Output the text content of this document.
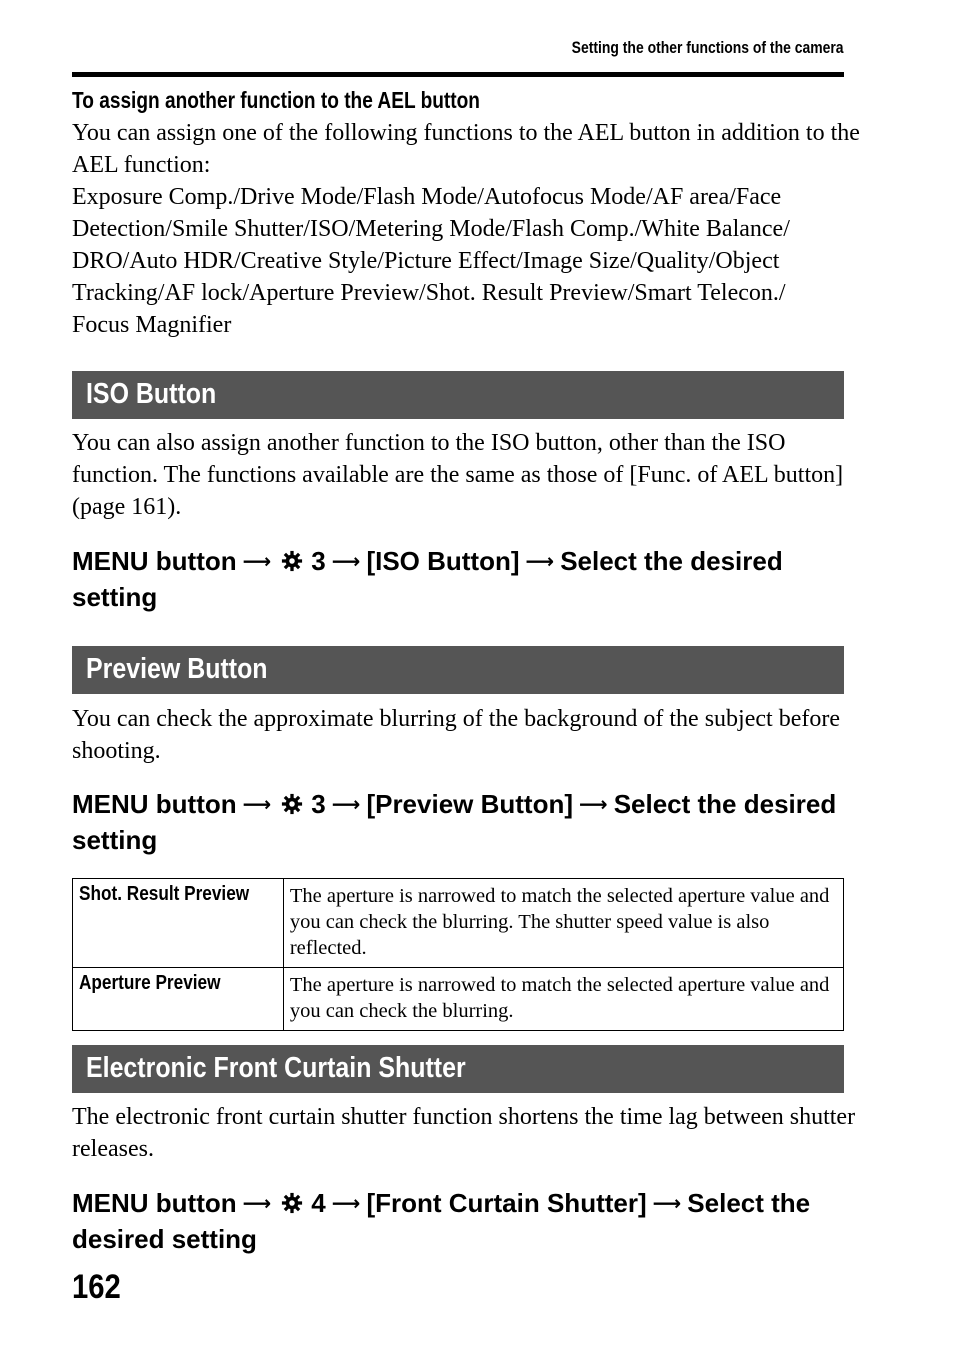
Setting the other functions of the camera
To assign another function to the AEL button
You can assign one of the following functions to the AEL button in addition to the AEL function:
Exposure Comp./Drive Mode/Flash Mode/Autofocus Mode/AF area/Face Detection/Smile Shutter/ISO/Metering Mode/Flash Comp./White Balance/ DRO/Auto HDR/Creative Style/Picture Effect/Image Size/Quality/Object Tracking/AF lock/Aperture Preview/Shot. Result Preview/Smart Telecon./ Focus Magnifier
ISO Button
You can also assign another function to the ISO button, other than the ISO function. The functions available are the same as those of [Func. of AEL button] (page 161).
MENU button ⟶ 3 ⟶ [ISO Button] ⟶ Select the desired
setting
Preview Button
You can check the approximate blurring of the background of the subject before shooting.
MENU button ⟶ 3 ⟶ [Preview Button] ⟶ Select the desired
setting
Shot. Result Preview	The aperture is narrowed to match the selected aperture value and you can check the blurring. The shutter speed value is also reflected.
Aperture Preview	The aperture is narrowed to match the selected aperture value and you can check the blurring.
Electronic Front Curtain Shutter
The electronic front curtain shutter function shortens the time lag between shutter releases.
MENU button ⟶ 4 ⟶ [Front Curtain Shutter] ⟶ Select the
desired setting
162
